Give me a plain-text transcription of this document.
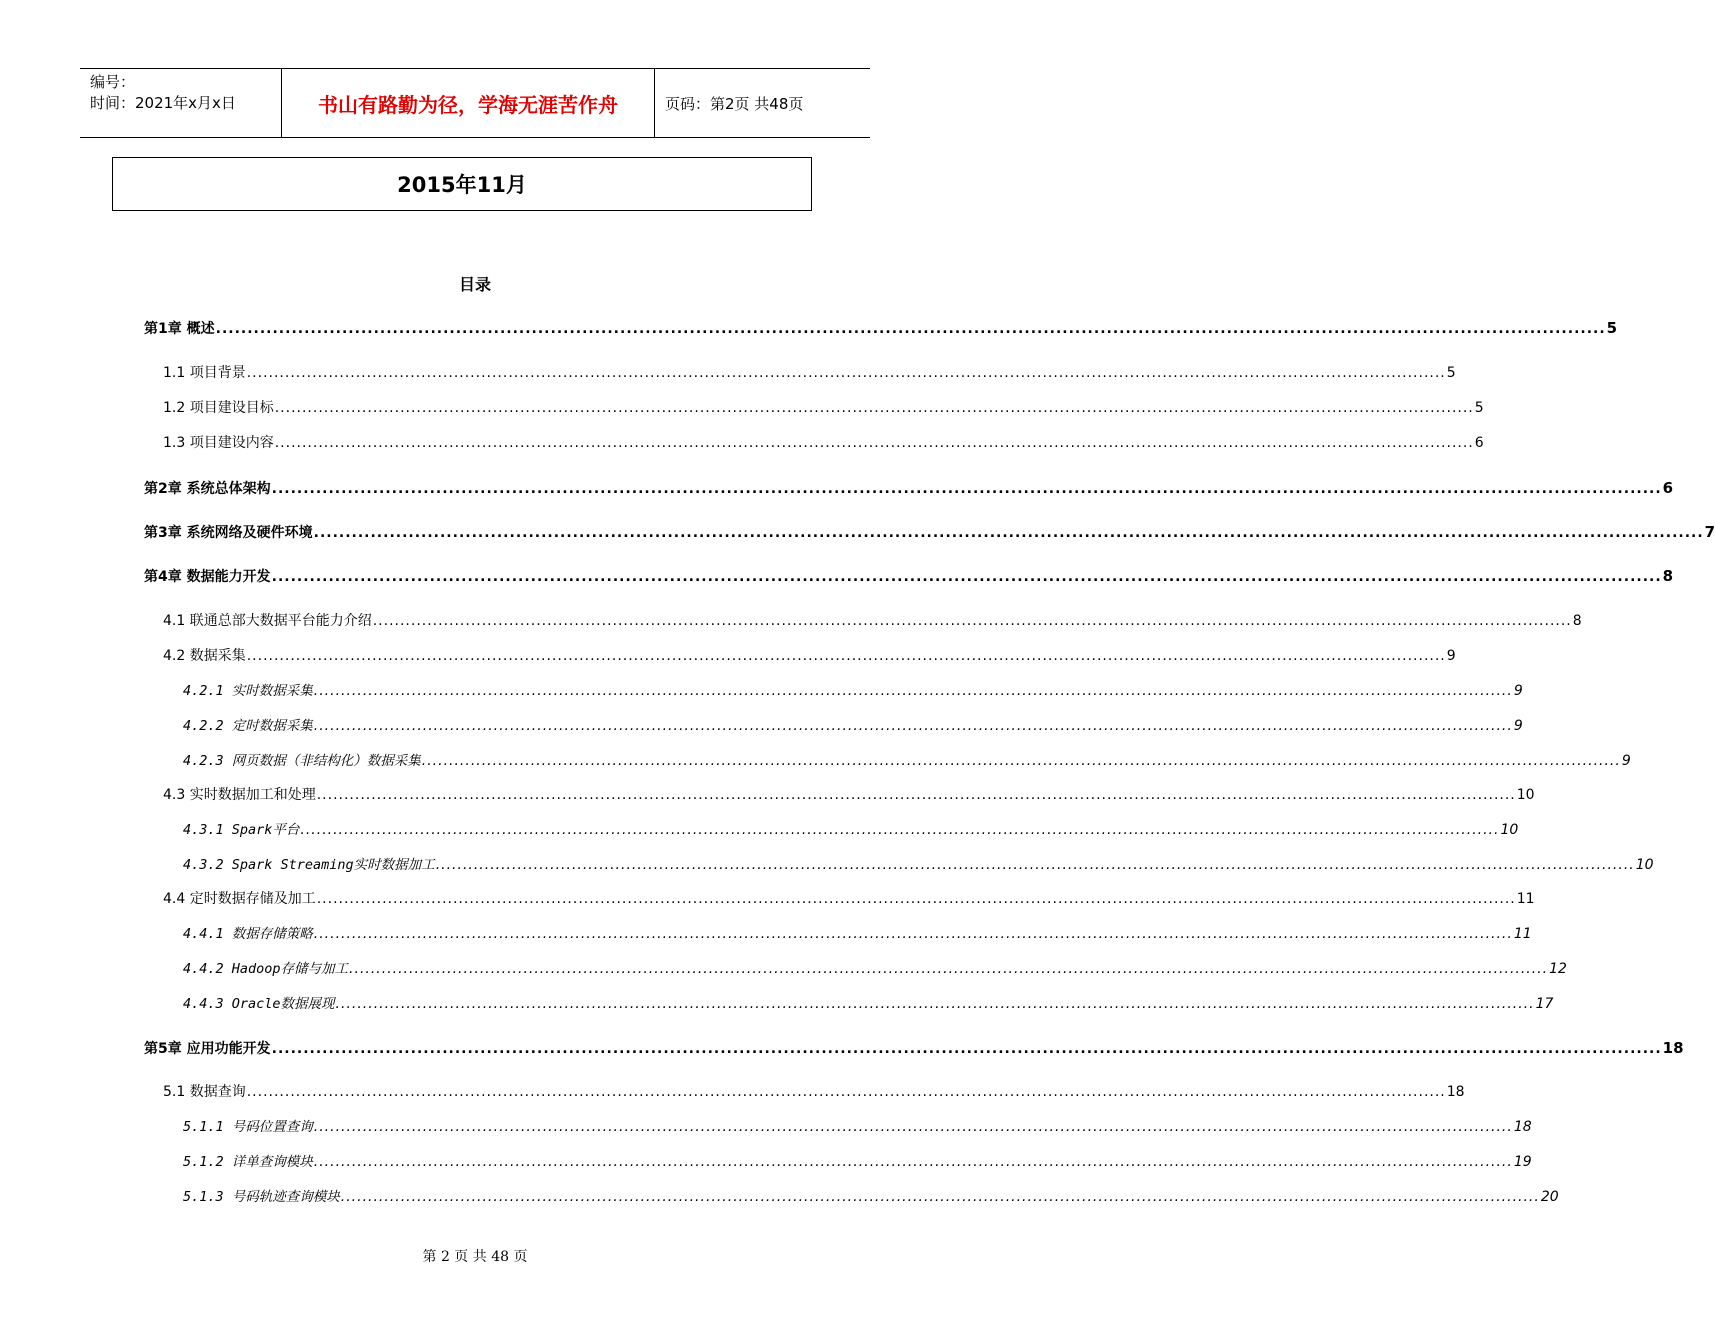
编号：
时间：2021年x月x日	书山有路勤为径，学海无涯苦作舟	页码：第2页 共48页
2015年11月
目录
第1章 概述 ............................................................................................................................................................................................................................ 5
1.1 项目背景 ............................................................................................................................................................................................................................ 5
1.2 项目建设目标 ............................................................................................................................................................................................................................ 5
1.3 项目建设内容 ............................................................................................................................................................................................................................ 6
第2章 系统总体架构 ............................................................................................................................................................................................................................ 6
第3章 系统网络及硬件环境 ............................................................................................................................................................................................................................ 7
第4章 数据能力开发 ............................................................................................................................................................................................................................ 8
4.1 联通总部大数据平台能力介绍 ............................................................................................................................................................................................................................ 8
4.2 数据采集 ............................................................................................................................................................................................................................ 9
4.2.1 实时数据采集 ............................................................................................................................................................................................................................ 9
4.2.2 定时数据采集 ............................................................................................................................................................................................................................ 9
4.2.3 网页数据（非结构化）数据采集 ............................................................................................................................................................................................................................ 9
4.3 实时数据加工和处理 ............................................................................................................................................................................................................................ 10
4.3.1 Spark平台 ............................................................................................................................................................................................................................ 10
4.3.2 Spark Streaming实时数据加工 ............................................................................................................................................................................................................................ 10
4.4 定时数据存储及加工 ............................................................................................................................................................................................................................ 11
4.4.1 数据存储策略 ............................................................................................................................................................................................................................ 11
4.4.2 Hadoop存储与加工 ............................................................................................................................................................................................................................ 12
4.4.3 Oracle数据展现 ............................................................................................................................................................................................................................ 17
第5章 应用功能开发 ............................................................................................................................................................................................................................ 18
5.1 数据查询 ............................................................................................................................................................................................................................ 18
5.1.1 号码位置查询 ............................................................................................................................................................................................................................ 18
5.1.2 详单查询模块 ............................................................................................................................................................................................................................ 19
5.1.3 号码轨迹查询模块 ............................................................................................................................................................................................................................ 20
第 2 页 共 48 页
